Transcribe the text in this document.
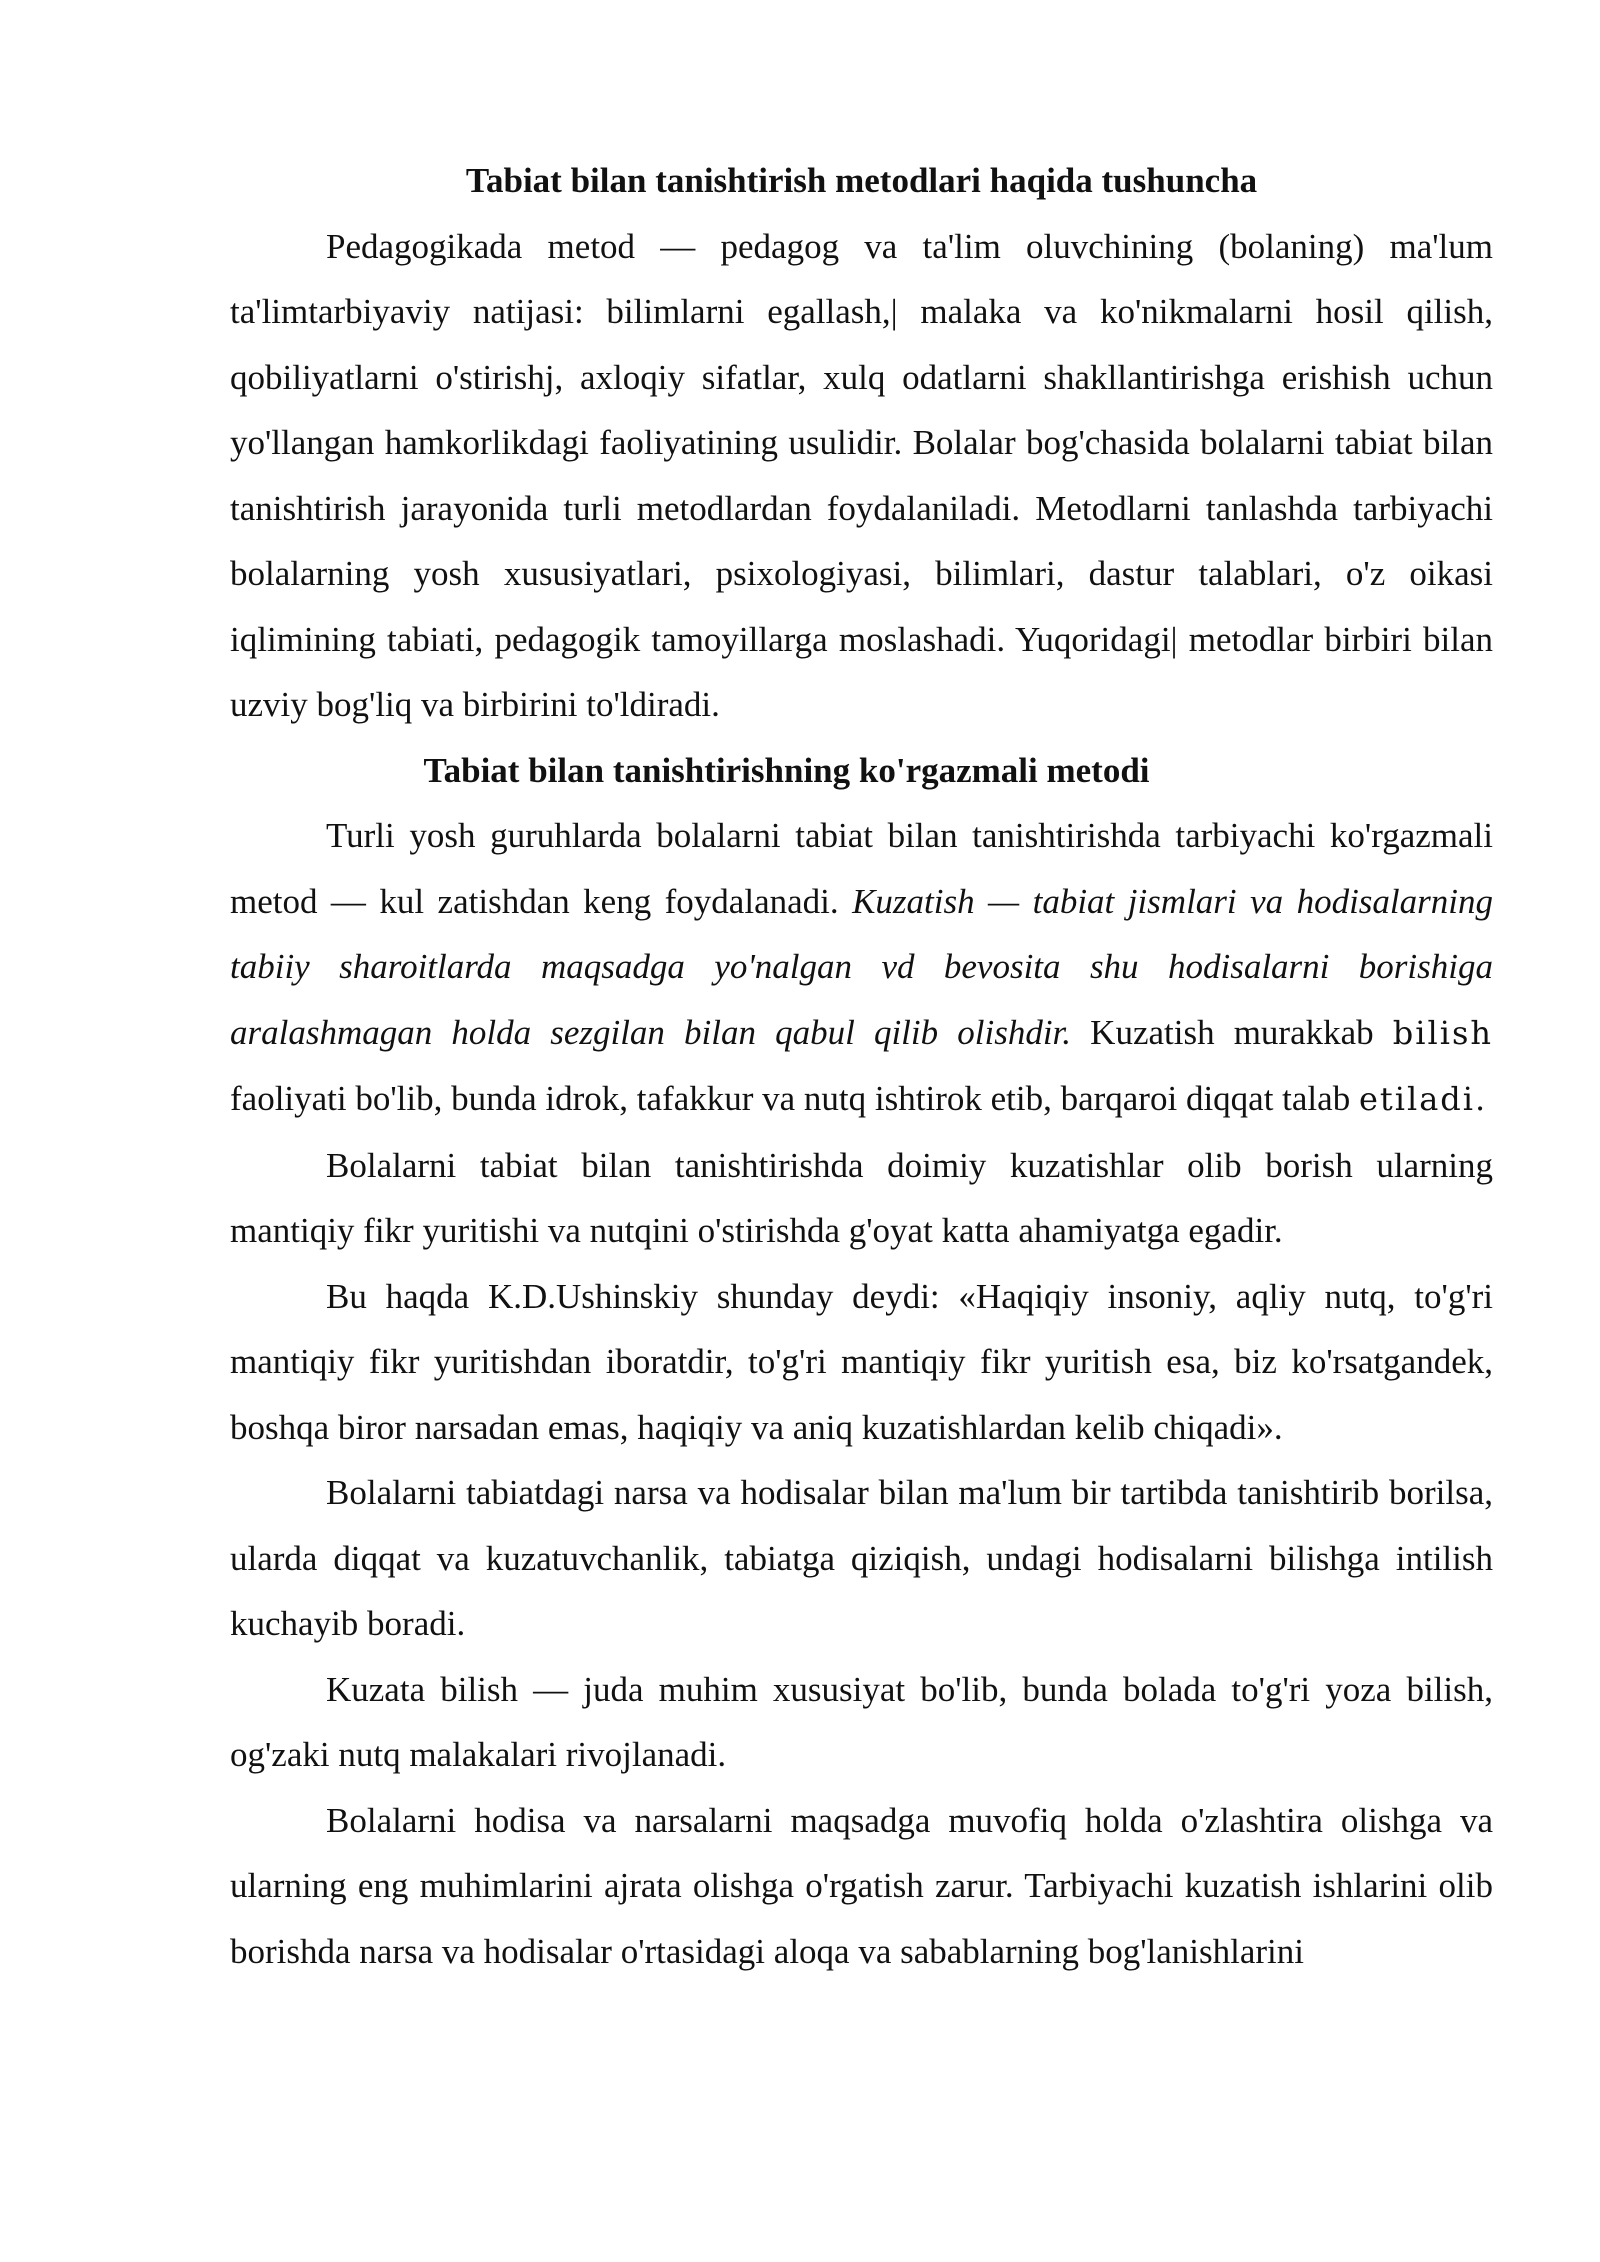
Tabiat bilan tanishtirish metodlari haqida tushuncha

Pedagogikada metod — pedagog va ta'lim oluvchining (bolaning) ma'lum ta'limtarbiyaviy natijasi: bilimlarni egallash,| malaka va ko'nikmalarni hosil qilish, qobiliyatlarni o'stirishj, axloqiy sifatlar, xulq odatlarni shakllantirishga erishish uchun yo'llangan hamkorlikdagi faoliyatining usulidir. Bolalar bog'chasida bolalarni tabiat bilan tanishtirish jarayonida turli metodlardan foydalaniladi. Metodlarni tanlashda tarbiyachi bolalarning yosh xususiyatlari, psixologiyasi, bilimlari, dastur talablari, o'z oikasi iqlimining tabiati, pedagogik tamoyillarga moslashadi. Yuqoridagi| metodlar birbiri bilan uzviy bog'liq va birbirini to'ldiradi.

Tabiat bilan tanishtirishning ko'rgazmali metodi

Turli yosh guruhlarda bolalarni tabiat bilan tanishtirishda tarbiyachi ko'rgazmali metod — kul zatishdan keng foydalanadi. Kuzatish — tabiat jismlari va hodisalarning tabiiy sharoitlarda maqsadga yo'nalgan vd bevosita shu hodisalarni borishiga aralashmagan holda sezgilan bilan qabul qilib olishdir. Kuzatish murakkab bilish faoliyati bo'lib, bunda idrok, tafakkur va nutq ishtirok etib, barqaroi diqqat talab etiladi.

Bolalarni tabiat bilan tanishtirishda doimiy kuzatishlar olib borish ularning mantiqiy fikr yuritishi va nutqini o'stirishda g'oyat katta ahamiyatga egadir.

Bu haqda K.D.Ushinskiy shunday deydi: «Haqiqiy insoniy, aqliy nutq, to'g'ri mantiqiy fikr yuritishdan iboratdir, to'g'ri mantiqiy fikr yuritish esa, biz ko'rsatgandek, boshqa biror narsadan emas, haqiqiy va aniq kuzatishlardan kelib chiqadi».

Bolalarni tabiatdagi narsa va hodisalar bilan ma'lum bir tartibda tanishtirib borilsa, ularda diqqat va kuzatuvchanlik, tabiatga qiziqish, undagi hodisalarni bilishga intilish kuchayib boradi.

Kuzata bilish — juda muhim xususiyat bo'lib, bunda bolada to'g'ri yoza bilish, og'zaki nutq malakalari rivojlanadi.

Bolalarni hodisa va narsalarni maqsadga muvofiq holda o'zlashtira olishga va ularning eng muhimlarini ajrata olishga o'rgatish zarur. Tarbiyachi kuzatish ishlarini olib borishda narsa va hodisalar o'rtasidagi aloqa va sabablarning bog'lanishlarini
